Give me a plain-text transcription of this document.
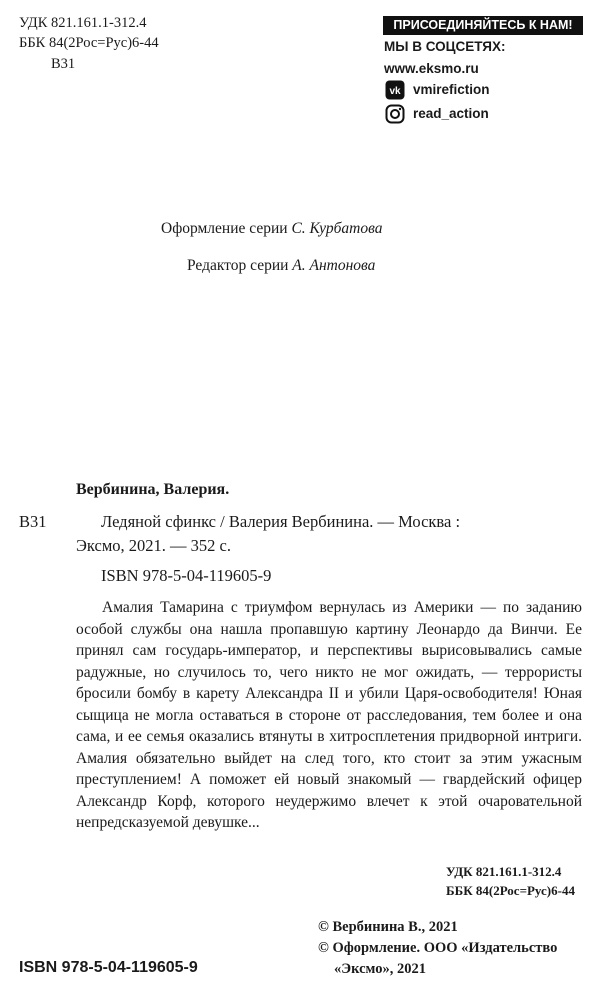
УДК 821.161.1-312.4
ББК 84(2Рос=Рус)6-44
В31
ПРИСОЕДИНЯЙТЕСЬ К НАМ!
МЫ В СОЦСЕТЯХ:
www.eksmo.ru
vk vmirefiction
read_action
Оформление серии С. Курбатова
Редактор серии А. Антонова
Вербинина, Валерия.
В31	Ледяной сфинкс / Валерия Вербинина. — Москва :
Эксмо, 2021. — 352 с.
ISBN 978-5-04-119605-9
Амалия Тамарина с триумфом вернулась из Америки — по заданию особой службы она нашла пропавшую картину Леонардо да Винчи. Ее принял сам государь-император, и перспективы вырисовывались самые радужные, но случилось то, чего никто не мог ожидать, — террористы бросили бомбу в карету Александра II и убили Царя-освободителя! Юная сыщица не могла оставаться в стороне от расследования, тем более и она сама, и ее семья оказались втянуты в хитросплетения придворной интриги. Амалия обязательно выйдет на след того, кто стоит за этим ужасным преступлением! А поможет ей новый знакомый — гвардейский офицер Александр Корф, которого неудержимо влечет к этой очаровательной непредсказуемой девушке...
УДК 821.161.1-312.4
ББК 84(2Рос=Рус)6-44
© Вербинина В., 2021
© Оформление. ООО «Издательство
«Эксмо», 2021
ISBN 978-5-04-119605-9
